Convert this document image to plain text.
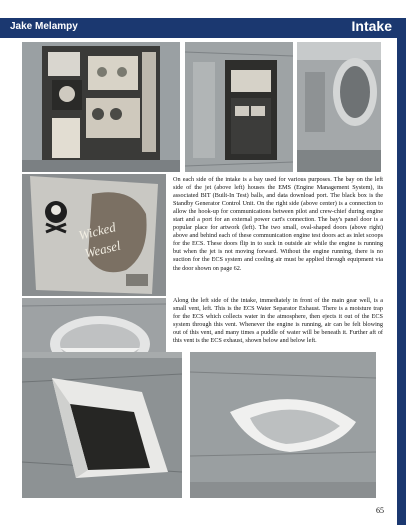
Jake Melampy	Intake
Wicked
Weasel
On each side of the intake is a bay used for various purposes. The bay on the left side of the jet (above left) houses the EMS (Engine Management System), its associated BIT (Built-In Test) balls, and data download port. The black box is the Standby Generator Control Unit. On the right side (above center) is a connection to allow the hook-up for communications between pilot and crew-chief during engine start and a port for an external power cart's connection. The bay's panel door is a popular place for artwork (left). The two small, oval-shaped doors (above right) above and behind each of these communication engine test doors act as inlet scoops for the ECS. These doors flip in to suck in outside air while the engine is running but when the jet is not moving forward. Without the engine running, there is no suction for the ECS system and cooling air must be applied through equipment via the door shown on page 62.
Along the left side of the intake, immediately in front of the main gear well, is a small vent, left. This is the ECS Water Separator Exhaust. There is a moisture trap for the ECS which collects water in the atmosphere, then ejects it out of the ECS system through this vent. Whenever the engine is running, air can be felt blowing out of this vent, and many times a puddle of water will be beneath it. Further aft of this vent is the ECS exhaust, shown below and below left.
65
